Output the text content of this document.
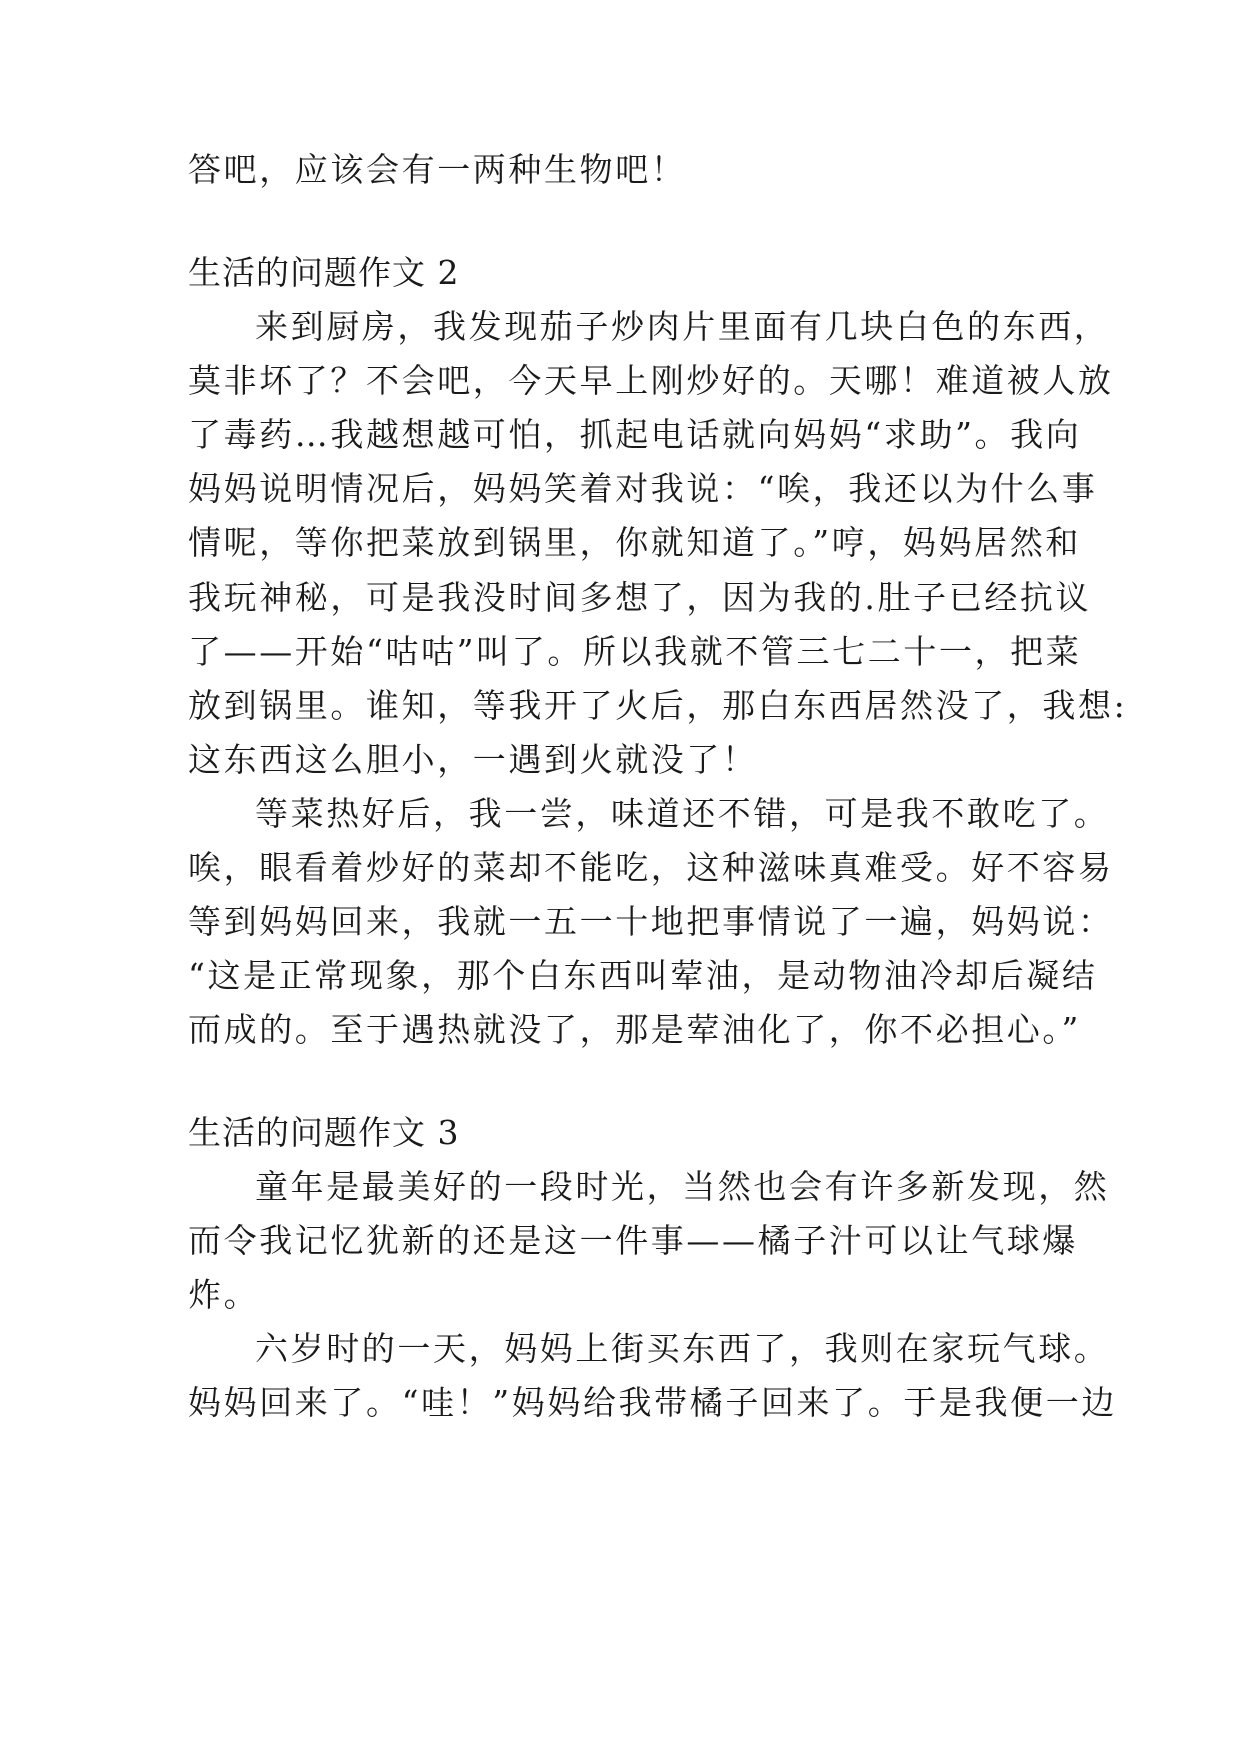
答吧，应该会有一两种生物吧！
生活的问题作文 2
来到厨房，我发现茄子炒肉片里面有几块白色的东西，
莫非坏了？不会吧，今天早上刚炒好的。天哪！难道被人放
了毒药…我越想越可怕，抓起电话就向妈妈“求助”。我向
妈妈说明情况后，妈妈笑着对我说：“唉，我还以为什么事
情呢，等你把菜放到锅里，你就知道了。”哼，妈妈居然和
我玩神秘，可是我没时间多想了，因为我的.肚子已经抗议
了——开始“咕咕”叫了。所以我就不管三七二十一，把菜
放到锅里。谁知，等我开了火后，那白东西居然没了，我想:
这东西这么胆小，一遇到火就没了！
等菜热好后，我一尝，味道还不错，可是我不敢吃了。
唉，眼看着炒好的菜却不能吃，这种滋味真难受。好不容易
等到妈妈回来，我就一五一十地把事情说了一遍，妈妈说：
“这是正常现象，那个白东西叫荤油，是动物油冷却后凝结
而成的。至于遇热就没了，那是荤油化了，你不必担心。”
生活的问题作文 3
童年是最美好的一段时光，当然也会有许多新发现，然
而令我记忆犹新的还是这一件事——橘子汁可以让气球爆
炸。
六岁时的一天，妈妈上街买东西了，我则在家玩气球。
妈妈回来了。“哇！”妈妈给我带橘子回来了。于是我便一边
